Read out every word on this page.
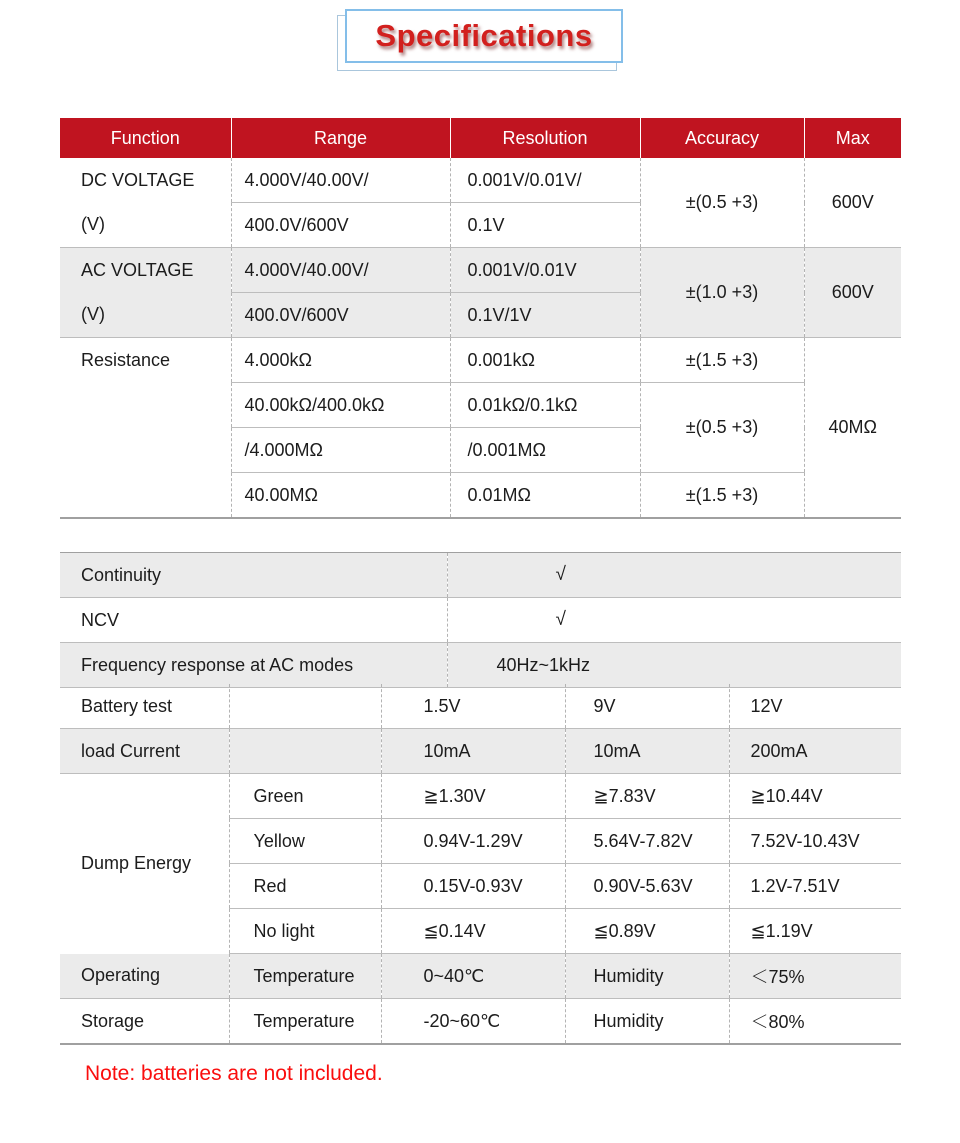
Specifications
Function	Range	Resolution	Accuracy	Max
DC VOLTAGE	4.000V/40.00V/	0.001V/0.01V/	±(0.5 +3)	600V
(V)	400.0V/600V	0.1V		
AC VOLTAGE	4.000V/40.00V/	0.001V/0.01V	±(1.0 +3)	600V
(V)	400.0V/600V	0.1V/1V		

Resistance	4.000kΩ	0.001kΩ	±(1.5 +3)	40MΩ
	40.00kΩ/400.0kΩ	0.01kΩ/0.1kΩ	±(0.5 +3)	
	/4.000MΩ	/0.001MΩ		
	40.00MΩ	0.01MΩ	±(1.5 +3)	
Continuity	√
NCV	√
Frequency response at AC modes	40Hz~1kHz
Battery test		1.5V	9V	12V
load Current		10mA	10mA	200mA
Dump Energy	Green	≧1.30V	≧7.83V	≧10.44V
	Yellow	0.94V-1.29V	5.64V-7.82V	7.52V-10.43V
	Red	0.15V-0.93V	0.90V-5.63V	1.2V-7.51V
	No light	≦0.14V	≦0.89V	≦1.19V
Operating	Temperature	0~40℃	Humidity	＜75%
Storage	Temperature	-20~60℃	Humidity	＜80%
Note: batteries are not included.
